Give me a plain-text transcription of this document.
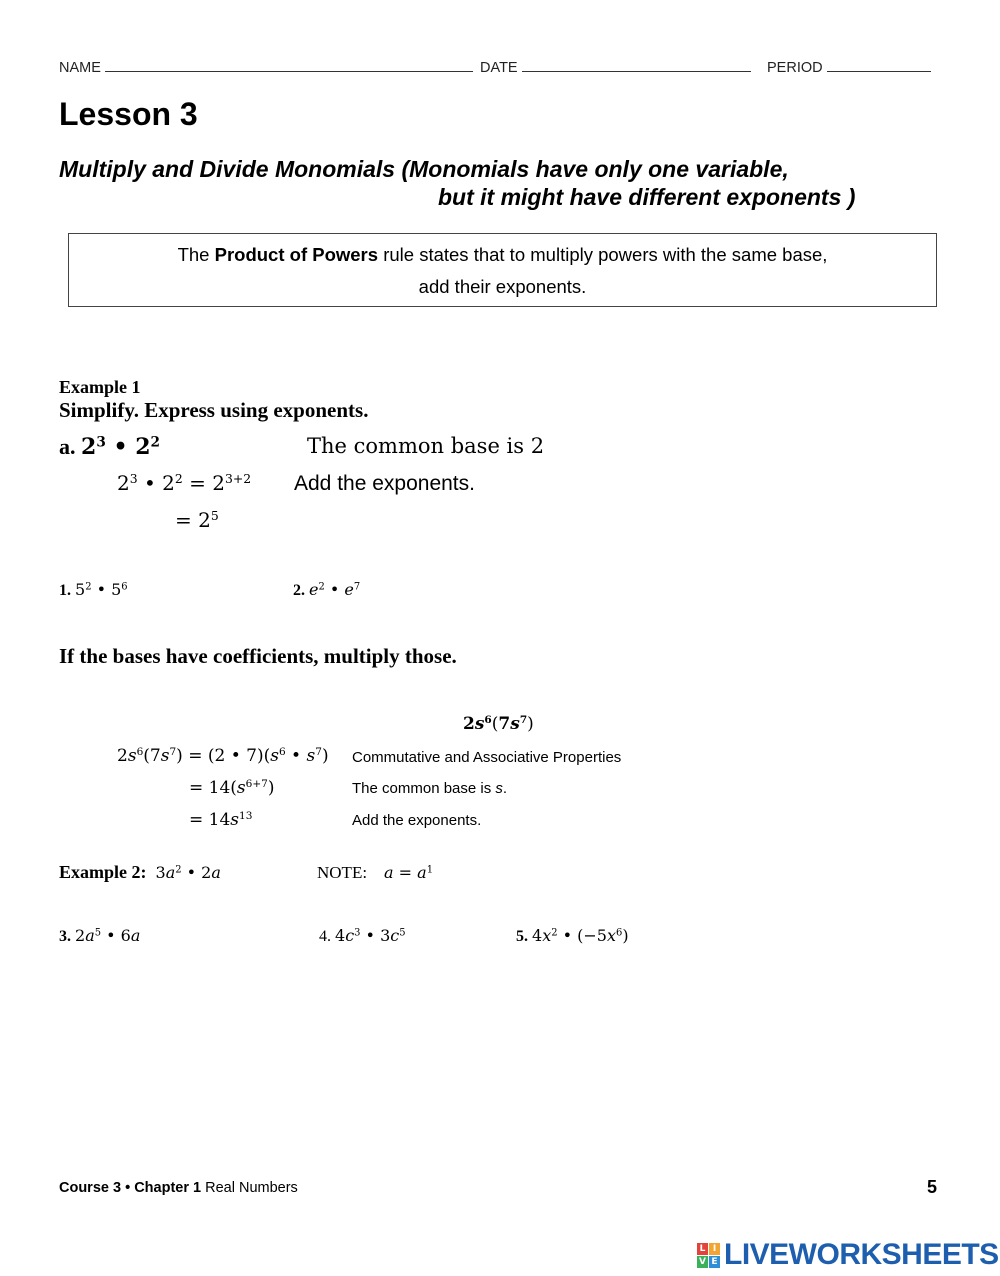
NAME	DATE	PERIOD
Lesson 3
Multiply and Divide Monomials (Monomials have only one variable,
but it might have different exponents )
The Product of Powers rule states that to multiply powers with the same base,
add their exponents.
Example 1
Simplify. Express using exponents.
a. $2^3$ • $2^2$	The common base is 2
$2^3$ • $2^2 = 2^{3+2}$ Add the exponents.
= $2^5$
1. $5^2$ • $5^6$	2. $e^2$ • $e^7$
If the bases have coefficients, multiply those.
$2s^6(7s^7)$
$2s^6(7s^7) = (2$ • $7)(s^6$ • $s^7$) Commutative and Associative Properties
= $14(s^{6+7})$	The common base is s.
= $14s^{13}$	Add the exponents.
Example 2: $3a^2$ • 2a	NOTE: $a = a^1$
3. $2a^5$ • 6a	4. $4c^3$ • $3c^5$	5. $4x^2$ • $(-5x^6)$
Course 3 • Chapter 1 Real Numbers	5
L I
V E LIVEWORKSHEETS
